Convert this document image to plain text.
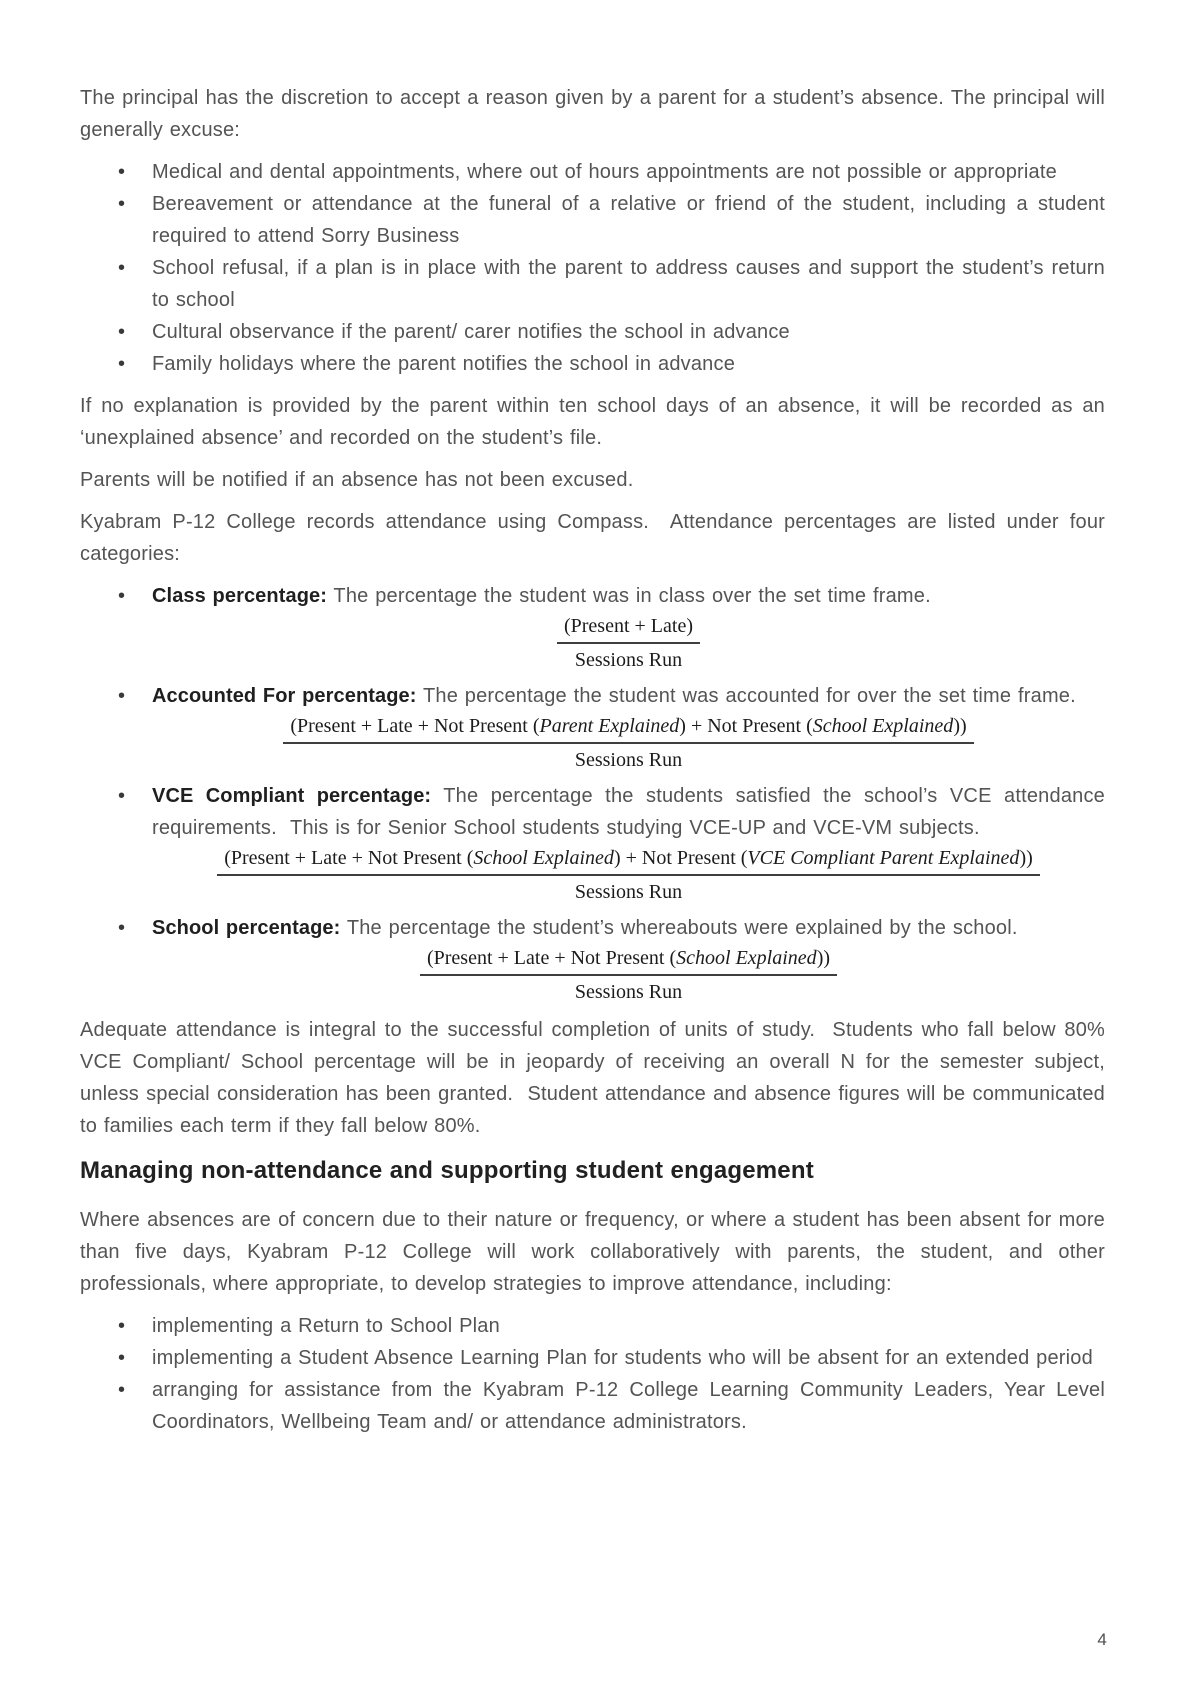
The principal has the discretion to accept a reason given by a parent for a student’s absence. The principal will generally excuse:

• Medical and dental appointments, where out of hours appointments are not possible or appropriate
• Bereavement or attendance at the funeral of a relative or friend of the student, including a student required to attend Sorry Business
• School refusal, if a plan is in place with the parent to address causes and support the student’s return to school
• Cultural observance if the parent/ carer notifies the school in advance
• Family holidays where the parent notifies the school in advance

If no explanation is provided by the parent within ten school days of an absence, it will be recorded as an ‘unexplained absence’ and recorded on the student’s file.

Parents will be notified if an absence has not been excused.

Kyabram P-12 College records attendance using Compass.  Attendance percentages are listed under four categories:

• Class percentage: The percentage the student was in class over the set time frame.
$\frac{\text{(Present + Late)}}{\text{Sessions Run}}$
• Accounted For percentage: The percentage the student was accounted for over the set time frame.
(Present + Late + Not Present (Parent Explained) + Not Present (School Explained))
Sessions Run
• VCE Compliant percentage: The percentage the students satisfied the school’s VCE attendance requirements.  This is for Senior School students studying VCE-UP and VCE-VM subjects.
(Present + Late + Not Present (School Explained) + Not Present (VCE Compliant Parent Explained))
Sessions Run
• School percentage: The percentage the student’s whereabouts were explained by the school.
$\frac{\text{(Present + Late + Not Present (School Explained))}}{\text{Sessions Run}}$

Adequate attendance is integral to the successful completion of units of study.  Students who fall below 80% VCE Compliant/ School percentage will be in jeopardy of receiving an overall N for the semester subject, unless special consideration has been granted.  Student attendance and absence figures will be communicated to families each term if they fall below 80%.

Managing non-attendance and supporting student engagement

Where absences are of concern due to their nature or frequency, or where a student has been absent for more than five days, Kyabram P-12 College will work collaboratively with parents, the student, and other professionals, where appropriate, to develop strategies to improve attendance, including:

• implementing a Return to School Plan
• implementing a Student Absence Learning Plan for students who will be absent for an extended period
• arranging for assistance from the Kyabram P-12 College Learning Community Leaders, Year Level Coordinators, Wellbeing Team and/ or attendance administrators.
4
